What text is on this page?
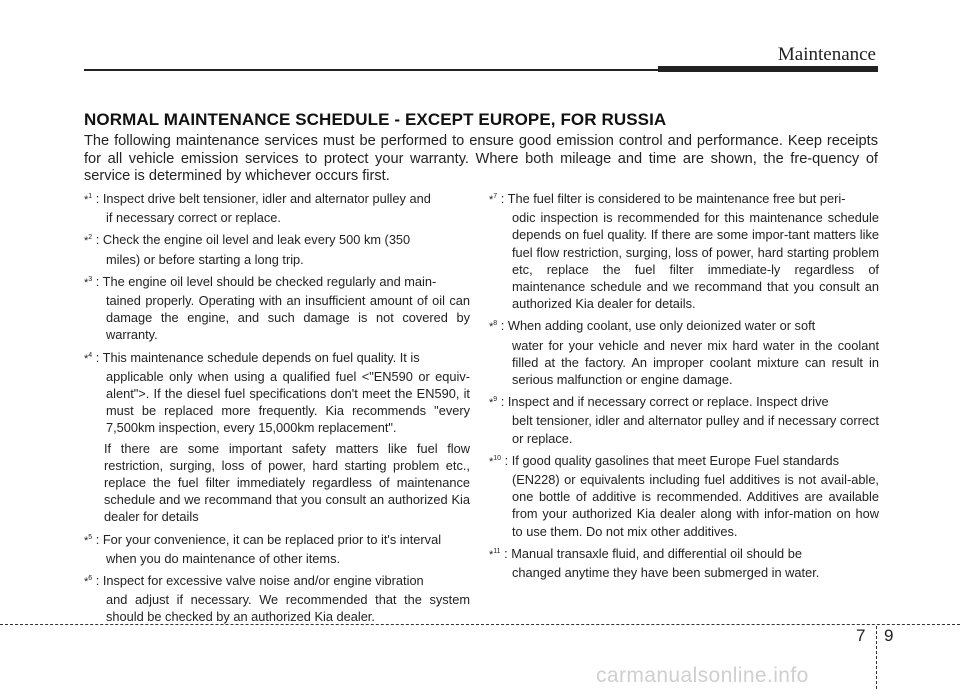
Maintenance
NORMAL MAINTENANCE SCHEDULE - EXCEPT EUROPE, FOR RUSSIA
The following maintenance services must be performed to ensure good emission control and performance. Keep receipts for all vehicle emission services to protect your warranty. Where both mileage and time are shown, the fre-quency of service is determined by whichever occurs first.
*$^1$ : Inspect drive belt tensioner, idler and alternator pulley and
if necessary correct or replace.
*$^2$ : Check the engine oil level and leak every 500 km (350
miles) or before starting a long trip.
*$^3$ : The engine oil level should be checked regularly and main-
tained properly. Operating with an insufficient amount of oil can damage the engine, and such damage is not covered by warranty.
*$^4$ : This maintenance schedule depends on fuel quality. It is
applicable only when using a qualified fuel <"EN590 or equiv-alent">. If the diesel fuel specifications don't meet the EN590, it must be replaced more frequently. Kia recommends "every 7,500km inspection, every 15,000km replacement".
If there are some important safety matters like fuel flow restriction, surging, loss of power, hard starting problem etc., replace the fuel filter immediately regardless of maintenance schedule and we recommand that you consult an authorized Kia dealer for details
*$^5$ : For your convenience, it can be replaced prior to it's interval
when you do maintenance of other items.
*$^6$ : Inspect for excessive valve noise and/or engine vibration
and adjust if necessary. We recommended that the system should be checked by an authorized Kia dealer.
*$^7$ : The fuel filter is considered to be maintenance free but peri-
odic inspection is recommended for this maintenance schedule depends on fuel quality. If there are some impor-tant matters like fuel flow restriction, surging, loss of power, hard starting problem etc, replace the fuel filter immediate-ly regardless of maintenance schedule and we recommand that you consult an authorized Kia dealer for details.
*$^8$ : When adding coolant, use only deionized water or soft
water for your vehicle and never mix hard water in the coolant filled at the factory. An improper coolant mixture can result in serious malfunction or engine damage.
*$^9$ : Inspect and if necessary correct or replace. Inspect drive
belt tensioner, idler and alternator pulley and if necessary correct or replace.
*$^{10}$ : If good quality gasolines that meet Europe Fuel standards
(EN228) or equivalents including fuel additives is not avail-able, one bottle of additive is recommended. Additives are available from your authorized Kia dealer along with infor-mation on how to use them. Do not mix other additives.
*$^{11}$ : Manual transaxle fluid, and differential oil should be
changed anytime they have been submerged in water.
7 9
carmanualsonline.info
